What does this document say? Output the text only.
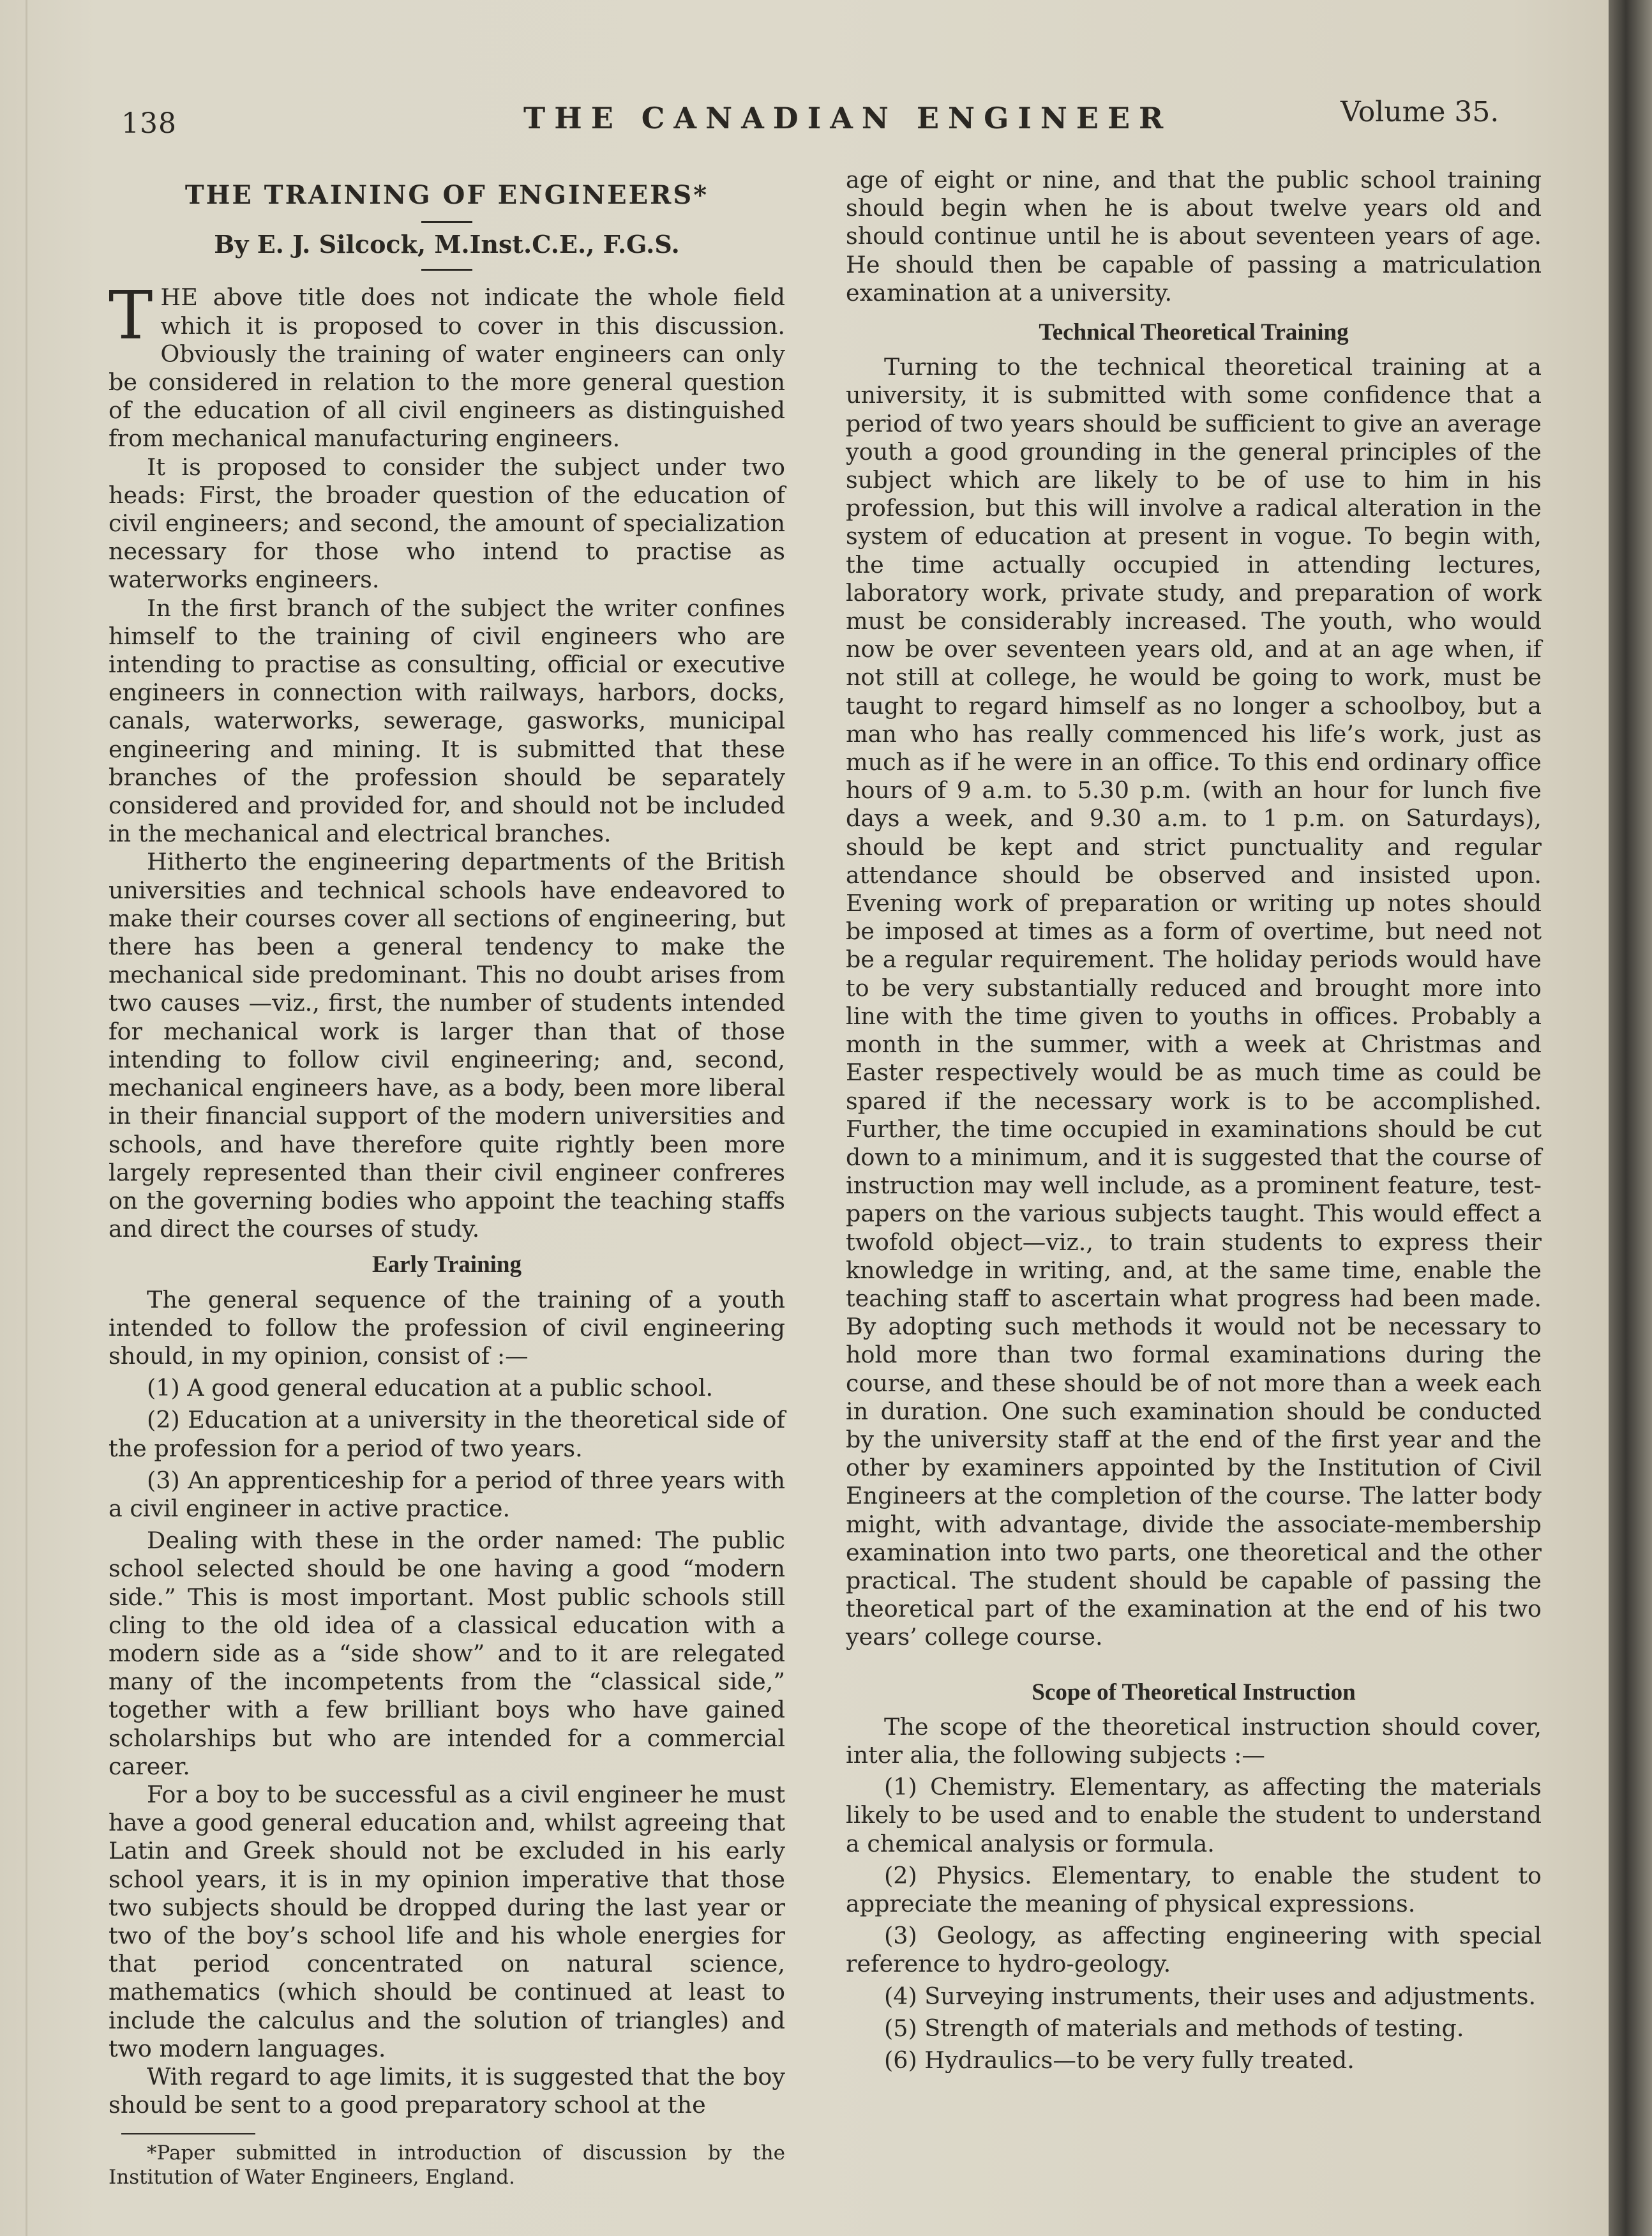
138	THE CANADIAN ENGINEER	Volume 35.
THE TRAINING OF ENGINEERS*
By E. J. Silcock, M.Inst.C.E., F.G.S.

THE above title does not indicate the whole field which it is proposed to cover in this discussion. Obviously the training of water engineers can only be considered in relation to the more general question of the education of all civil engineers as distinguished from mechanical manufacturing engineers.

It is proposed to consider the subject under two heads: First, the broader question of the education of civil engineers; and second, the amount of specialization necessary for those who intend to practise as waterworks engineers.

In the first branch of the subject the writer confines himself to the training of civil engineers who are intending to practise as consulting, official or executive engineers in connection with railways, harbors, docks, canals, waterworks, sewerage, gasworks, municipal engineering and mining. It is submitted that these branches of the profession should be separately considered and provided for, and should not be included in the mechanical and electrical branches.

Hitherto the engineering departments of the British universities and technical schools have endeavored to make their courses cover all sections of engineering, but there has been a general tendency to make the mechanical side predominant. This no doubt arises from two causes —viz., first, the number of students intended for mechanical work is larger than that of those intending to follow civil engineering; and, second, mechanical engineers have, as a body, been more liberal in their financial support of the modern universities and schools, and have therefore quite rightly been more largely represented than their civil engineer confreres on the governing bodies who appoint the teaching staffs and direct the courses of study.

Early Training

The general sequence of the training of a youth intended to follow the profession of civil engineering should, in my opinion, consist of :—

(1) A good general education at a public school.

(2) Education at a university in the theoretical side of the profession for a period of two years.

(3) An apprenticeship for a period of three years with a civil engineer in active practice.

Dealing with these in the order named: The public school selected should be one having a good “modern side.” This is most important. Most public schools still cling to the old idea of a classical education with a modern side as a “side show” and to it are relegated many of the incompetents from the “classical side,” together with a few brilliant boys who have gained scholarships but who are intended for a commercial career.

For a boy to be successful as a civil engineer he must have a good general education and, whilst agreeing that Latin and Greek should not be excluded in his early school years, it is in my opinion imperative that those two subjects should be dropped during the last year or two of the boy’s school life and his whole energies for that period concentrated on natural science, mathematics (which should be continued at least to include the calculus and the solution of triangles) and two modern languages.

With regard to age limits, it is suggested that the boy should be sent to a good preparatory school at the

*Paper submitted in introduction of discussion by the Institution of Water Engineers, England.

age of eight or nine, and that the public school training should begin when he is about twelve years old and should continue until he is about seventeen years of age. He should then be capable of passing a matriculation examination at a university.

Technical Theoretical Training

Turning to the technical theoretical training at a university, it is submitted with some confidence that a period of two years should be sufficient to give an average youth a good grounding in the general principles of the subject which are likely to be of use to him in his profession, but this will involve a radical alteration in the system of education at present in vogue. To begin with, the time actually occupied in attending lectures, laboratory work, private study, and preparation of work must be considerably increased. The youth, who would now be over seventeen years old, and at an age when, if not still at college, he would be going to work, must be taught to regard himself as no longer a schoolboy, but a man who has really commenced his life’s work, just as much as if he were in an office. To this end ordinary office hours of 9 a.m. to 5.30 p.m. (with an hour for lunch five days a week, and 9.30 a.m. to 1 p.m. on Saturdays), should be kept and strict punctuality and regular attendance should be observed and insisted upon. Evening work of preparation or writing up notes should be imposed at times as a form of overtime, but need not be a regular requirement. The holiday periods would have to be very substantially reduced and brought more into line with the time given to youths in offices. Probably a month in the summer, with a week at Christmas and Easter respectively would be as much time as could be spared if the necessary work is to be accomplished. Further, the time occupied in examinations should be cut down to a minimum, and it is suggested that the course of instruction may well include, as a prominent feature, test-papers on the various subjects taught. This would effect a twofold object—viz., to train students to express their knowledge in writing, and, at the same time, enable the teaching staff to ascertain what progress had been made. By adopting such methods it would not be necessary to hold more than two formal examinations during the course, and these should be of not more than a week each in duration. One such examination should be conducted by the university staff at the end of the first year and the other by examiners appointed by the Institution of Civil Engineers at the completion of the course. The latter body might, with advantage, divide the associate-membership examination into two parts, one theoretical and the other practical. The student should be capable of passing the theoretical part of the examination at the end of his two years’ college course.

Scope of Theoretical Instruction

The scope of the theoretical instruction should cover, inter alia, the following subjects :—

(1) Chemistry. Elementary, as affecting the materials likely to be used and to enable the student to understand a chemical analysis or formula.

(2) Physics. Elementary, to enable the student to appreciate the meaning of physical expressions.

(3) Geology, as affecting engineering with special reference to hydro-geology.

(4) Surveying instruments, their uses and adjustments.

(5) Strength of materials and methods of testing.

(6) Hydraulics—to be very fully treated.
